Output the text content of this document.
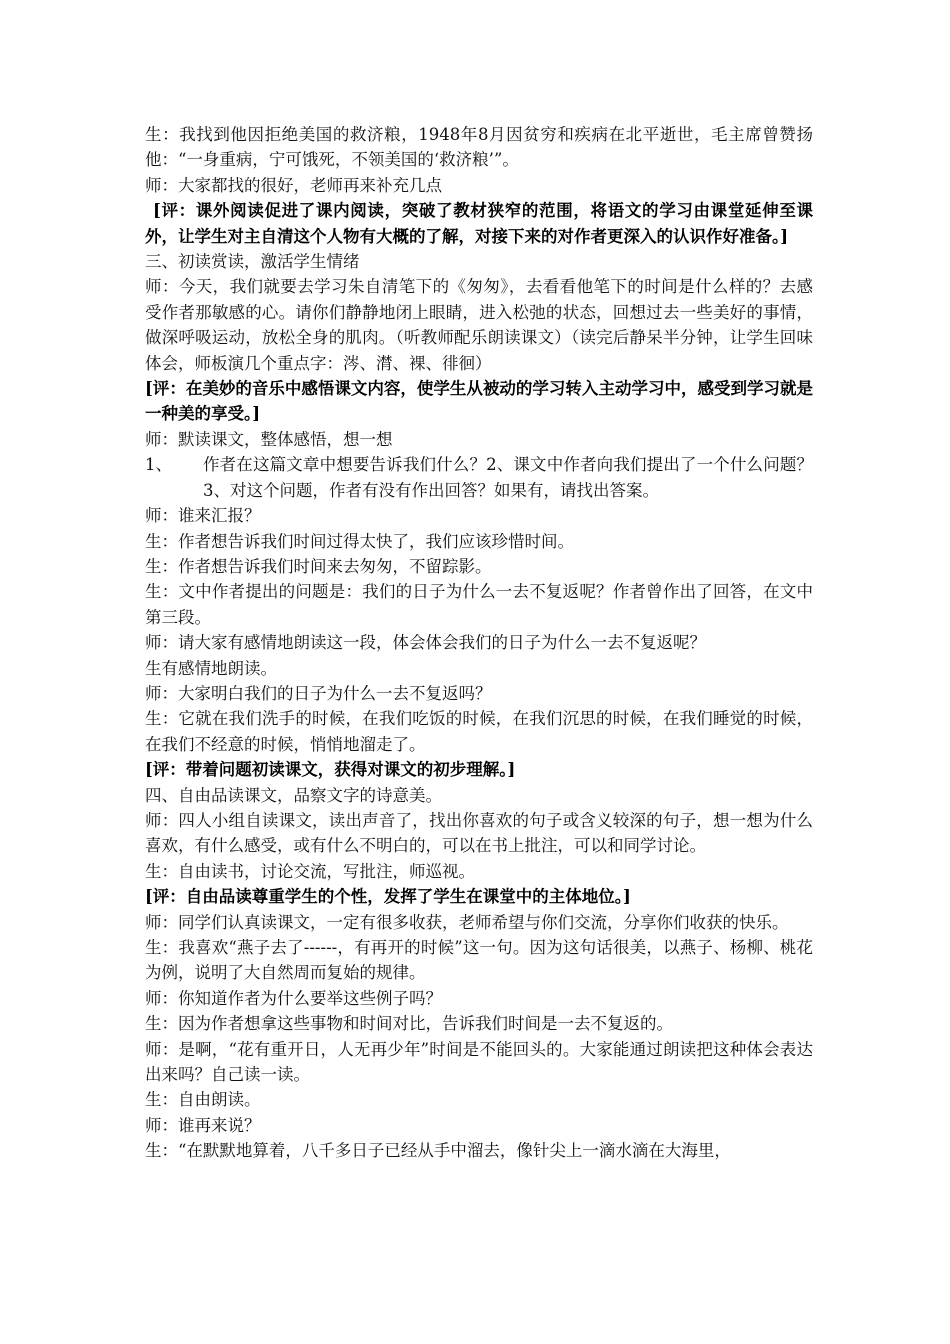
生：我找到他因拒绝美国的救济粮，1948年8月因贫穷和疾病在北平逝世，毛主席曾赞扬他：“一身重病，宁可饿死，不领美国的‘救济粮’”。

师：大家都找的很好，老师再来补充几点

[评：课外阅读促进了课内阅读，突破了教材狭窄的范围，将语文的学习由课堂延伸至课外，让学生对主自清这个人物有大概的了解，对接下来的对作者更深入的认识作好准备。]

三、初读赏读，激活学生情绪

师：今天，我们就要去学习朱自清笔下的《匆匆》，去看看他笔下的时间是什么样的？去感受作者那敏感的心。请你们静静地闭上眼睛，进入松弛的状态，回想过去一些美好的事情，做深呼吸运动，放松全身的肌肉。（听教师配乐朗读课文）（读完后静呆半分钟，让学生回味体会，师板演几个重点字：涔、潸、裸、徘徊）

[评：在美妙的音乐中感悟课文内容，使学生从被动的学习转入主动学习中，感受到学习就是一种美的享受。]

师：默读课文，整体感悟，想一想

1、	作者在这篇文章中想要告诉我们什么？2、课文中作者向我们提出了一个什么问题？3、对这个问题，作者有没有作出回答？如果有，请找出答案。

师：谁来汇报？

生：作者想告诉我们时间过得太快了，我们应该珍惜时间。

生：作者想告诉我们时间来去匆匆，不留踪影。

生：文中作者提出的问题是：我们的日子为什么一去不复返呢？作者曾作出了回答，在文中第三段。

师：请大家有感情地朗读这一段，体会体会我们的日子为什么一去不复返呢？

生有感情地朗读。

师：大家明白我们的日子为什么一去不复返吗？

生：它就在我们洗手的时候，在我们吃饭的时候，在我们沉思的时候，在我们睡觉的时候，在我们不经意的时候，悄悄地溜走了。

[评：带着问题初读课文，获得对课文的初步理解。]

四、自由品读课文，品察文字的诗意美。

师：四人小组自读课文，读出声音了，找出你喜欢的句子或含义较深的句子，想一想为什么喜欢，有什么感受，或有什么不明白的，可以在书上批注，可以和同学讨论。

生：自由读书，讨论交流，写批注，师巡视。

[评：自由品读尊重学生的个性，发挥了学生在课堂中的主体地位。]

师：同学们认真读课文，一定有很多收获，老师希望与你们交流，分享你们收获的快乐。

生：我喜欢“燕子去了------，有再开的时候”这一句。因为这句话很美，以燕子、杨柳、桃花为例，说明了大自然周而复始的规律。

师：你知道作者为什么要举这些例子吗？

生：因为作者想拿这些事物和时间对比，告诉我们时间是一去不复返的。

师：是啊，“花有重开日，人无再少年”时间是不能回头的。大家能通过朗读把这种体会表达出来吗？自己读一读。

生：自由朗读。

师：谁再来说？

生：“在默默地算着，八千多日子已经从手中溜去，像针尖上一滴水滴在大海里，
